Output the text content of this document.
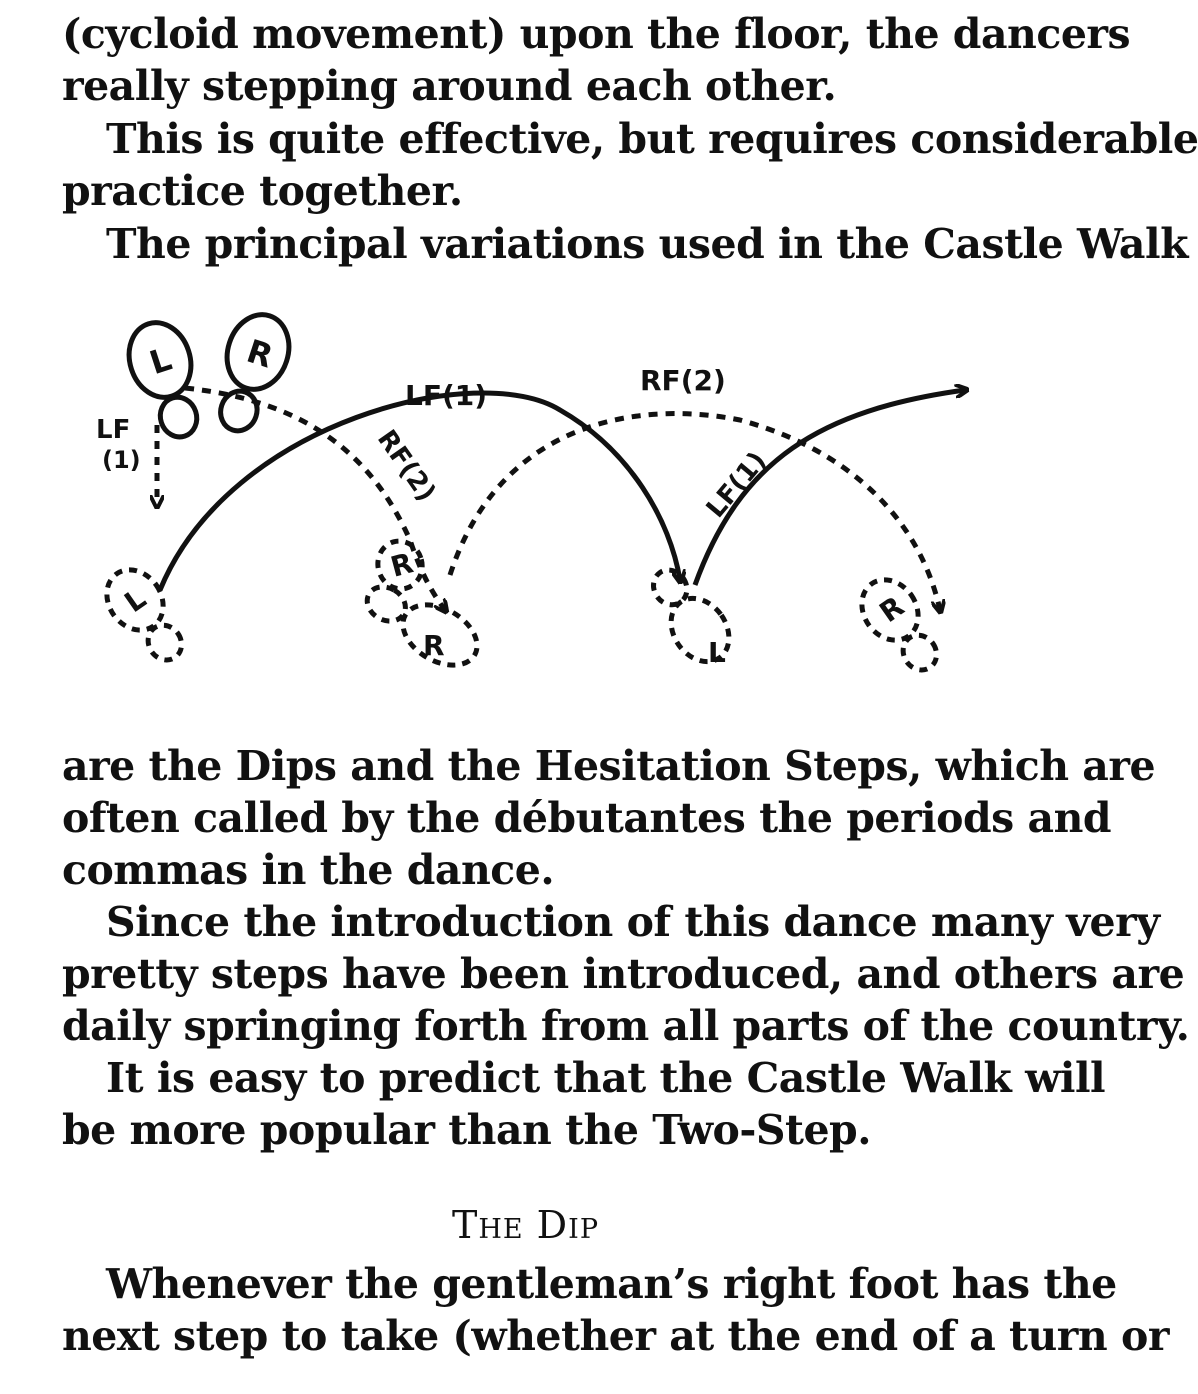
(cycloid movement) upon the floor, the dancers
really stepping around each other.
This is quite effective, but requires considerable
practice together.
The principal variations used in the Castle Walk
L R
LF
(1)
LF(1)
RF(2)
RF(2)
LF(1)
L
R
R	L
R
are the Dips and the Hesitation Steps, which are
often called by the débutantes the periods and
commas in the dance.
Since the introduction of this dance many very
pretty steps have been introduced, and others are
daily springing forth from all parts of the country.
It is easy to predict that the Castle Walk will
be more popular than the Two-Step.
The Dip
Whenever the gentleman’s right foot has the
next step to take (whether at the end of a turn or
